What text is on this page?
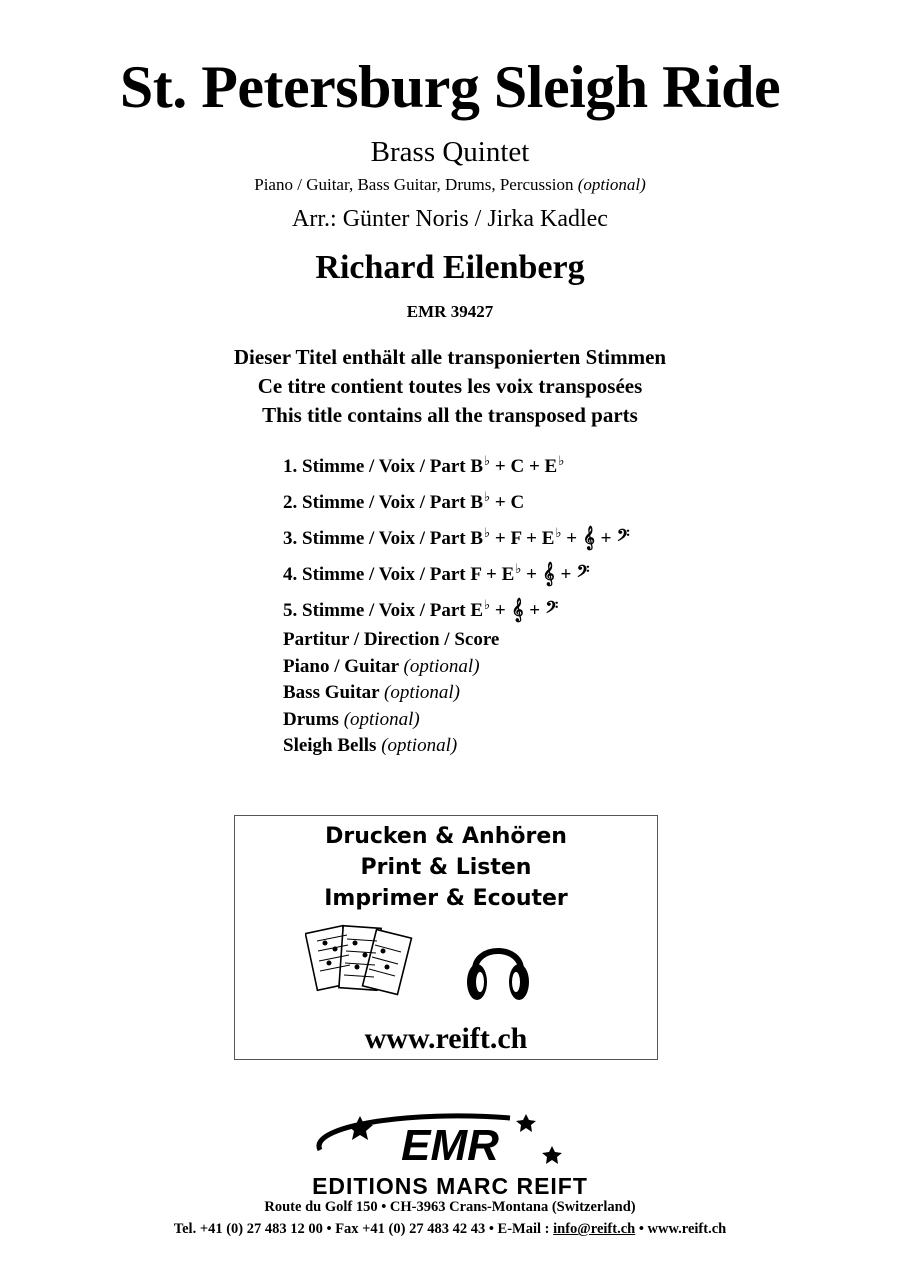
St. Petersburg Sleigh Ride
Brass Quintet
Piano / Guitar, Bass Guitar, Drums, Percussion (optional)
Arr.: Günter Noris / Jirka Kadlec
Richard Eilenberg
EMR 39427
Dieser Titel enthält alle transponierten Stimmen
Ce titre contient toutes les voix transposées
This title contains all the transposed parts
1. Stimme / Voix / Part B♭ + C + E♭
2. Stimme / Voix / Part B♭ + C
3. Stimme / Voix / Part B♭ + F + E♭ + 𝄞 + 𝄢
4. Stimme / Voix / Part F + E♭ + 𝄞 + 𝄢
5. Stimme / Voix / Part E♭ + 𝄞 + 𝄢
Partitur / Direction / Score
Piano / Guitar (optional)
Bass Guitar (optional)
Drums (optional)
Sleigh Bells (optional)
Drucken & Anhören
Print & Listen
Imprimer & Ecouter
www.reift.ch
EMR
EDITIONS MARC REIFT
Route du Golf 150 • CH-3963 Crans-Montana (Switzerland)
Tel. +41 (0) 27 483 12 00 • Fax +41 (0) 27 483 42 43 • E-Mail : info@reift.ch • www.reift.ch
